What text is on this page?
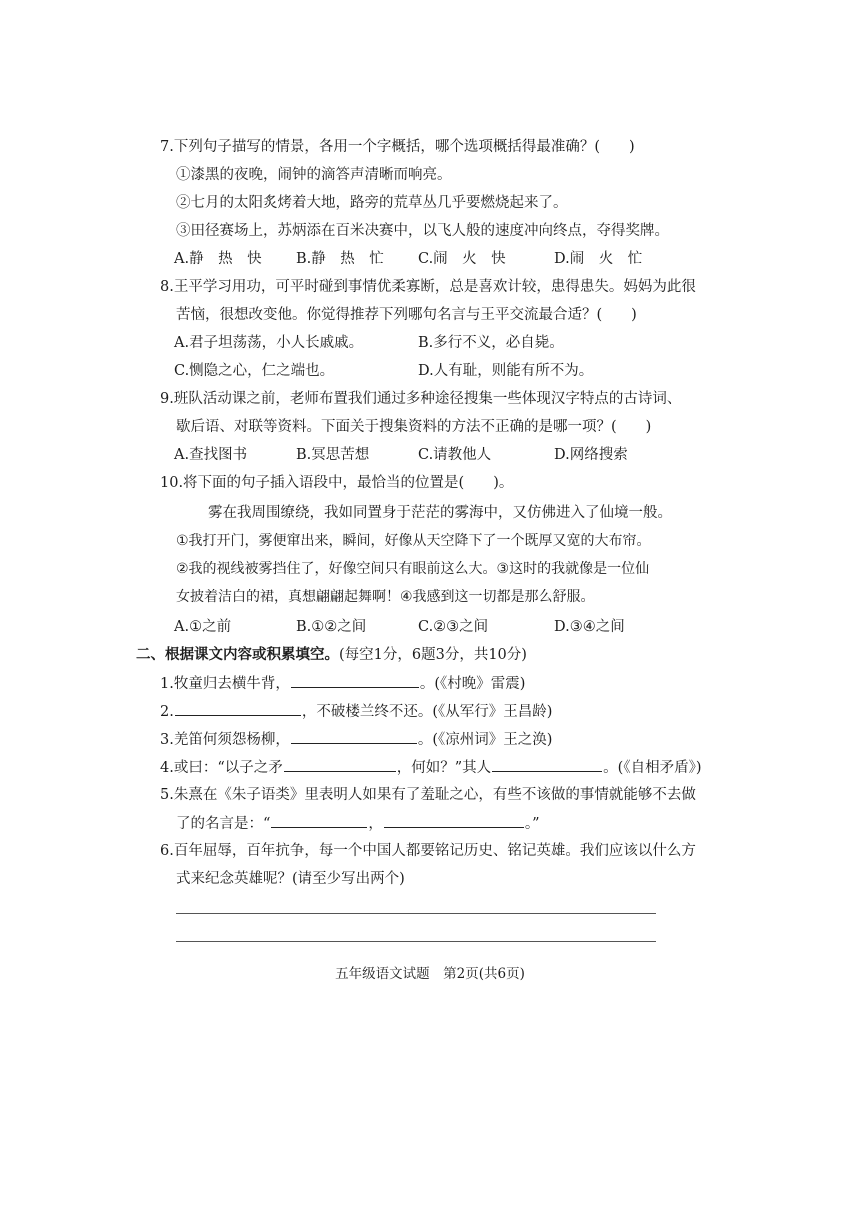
7.下列句子描写的情景，各用一个字概括，哪个选项概括得最准确？(　　)
①漆黑的夜晚，闹钟的滴答声清晰而响亮。
②七月的太阳炙烤着大地，路旁的荒草丛几乎要燃烧起来了。
③田径赛场上，苏炳添在百米决赛中，以飞人般的速度冲向终点，夺得奖牌。
A.静　热　快 B.静　热　忙 C.闹　火　快	D.闹　火　忙
8.王平学习用功，可平时碰到事情优柔寡断，总是喜欢计较，患得患失。妈妈为此很
苦恼，很想改变他。你觉得推荐下列哪句名言与王平交流最合适？(　　)
A.君子坦荡荡，小人长戚戚。	B.多行不义，必自毙。
C.恻隐之心，仁之端也。	D.人有耻，则能有所不为。
9.班队活动课之前，老师布置我们通过多种途径搜集一些体现汉字特点的古诗词、
歇后语、对联等资料。下面关于搜集资料的方法不正确的是哪一项？(　　)
A.查找图书	B.冥思苦想	C.请教他人	D.网络搜索
10.将下面的句子插入语段中，最恰当的位置是(　　)。
雾在我周围缭绕，我如同置身于茫茫的雾海中，又仿佛进入了仙境一般。
①我打开门，雾便窜出来，瞬间，好像从天空降下了一个既厚又宽的大布帘。
②我的视线被雾挡住了，好像空间只有眼前这么大。③这时的我就像是一位仙
女披着洁白的裙，真想翩翩起舞啊！④我感到这一切都是那么舒服。
A.①之前	B.①②之间	C.②③之间	D.③④之间
二、根据课文内容或积累填空。(每空1分，6题3分，共10分)
1.牧童归去横牛背，	。(《村晚》雷震)
2.	，不破楼兰终不还。(《从军行》王昌龄)
3.羌笛何须怨杨柳，	。(《凉州词》王之涣)
4.或曰：“以子之矛	，何如？”其人	。(《自相矛盾》)
5.朱熹在《朱子语类》里表明人如果有了羞耻之心，有些不该做的事情就能够不去做
了的名言是：“	，	。”
6.百年屈辱，百年抗争，每一个中国人都要铭记历史、铭记英雄。我们应该以什么方
式来纪念英雄呢？(请至少写出两个)
五年级语文试题　第2页(共6页)
